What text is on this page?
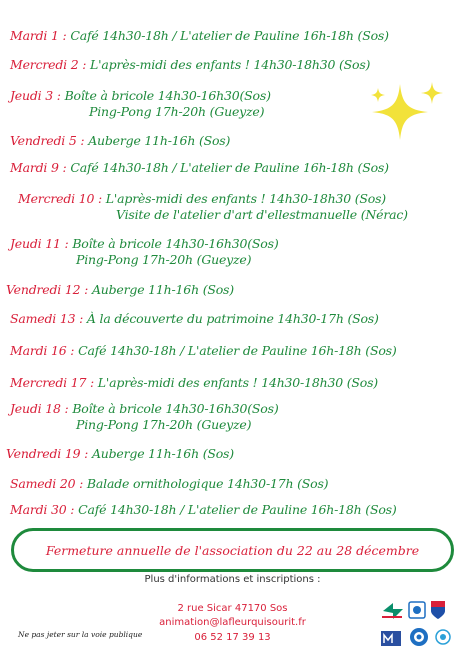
Mardi 1 : Café 14h30-18h / L'atelier de Pauline 16h-18h (Sos)
Mercredi 2 : L'après-midi des enfants ! 14h30-18h30 (Sos)
Jeudi 3 : Boîte à bricole 14h30-16h30(Sos)
Ping-Pong 17h-20h (Gueyze)
Vendredi 5 : Auberge 11h-16h (Sos)
Mardi 9 : Café 14h30-18h / L'atelier de Pauline 16h-18h (Sos)
Mercredi 10 : L'après-midi des enfants ! 14h30-18h30 (Sos)
Visite de l'atelier d'art d'ellestmanuelle (Nérac)
Jeudi 11 : Boîte à bricole 14h30-16h30(Sos)
Ping-Pong 17h-20h (Gueyze)
Vendredi 12 : Auberge 11h-16h (Sos)
Samedi 13 : À la découverte du patrimoine 14h30-17h (Sos)
Mardi 16 : Café 14h30-18h / L'atelier de Pauline 16h-18h (Sos)
Mercredi 17 : L'après-midi des enfants ! 14h30-18h30 (Sos)
Jeudi 18 : Boîte à bricole 14h30-16h30(Sos)
Ping-Pong 17h-20h (Gueyze)
Vendredi 19 : Auberge 11h-16h (Sos)
Samedi 20 : Balade ornithologique 14h30-17h (Sos)
Mardi 30 : Café 14h30-18h / L'atelier de Pauline 16h-18h (Sos)
Fermeture annuelle de l'association du 22 au 28 décembre
Plus d'informations et inscriptions :
2 rue Sicar 47170 Sos
animation@lafleurquisourit.fr
06 52 17 39 13
Ne pas jeter sur la voie publique
